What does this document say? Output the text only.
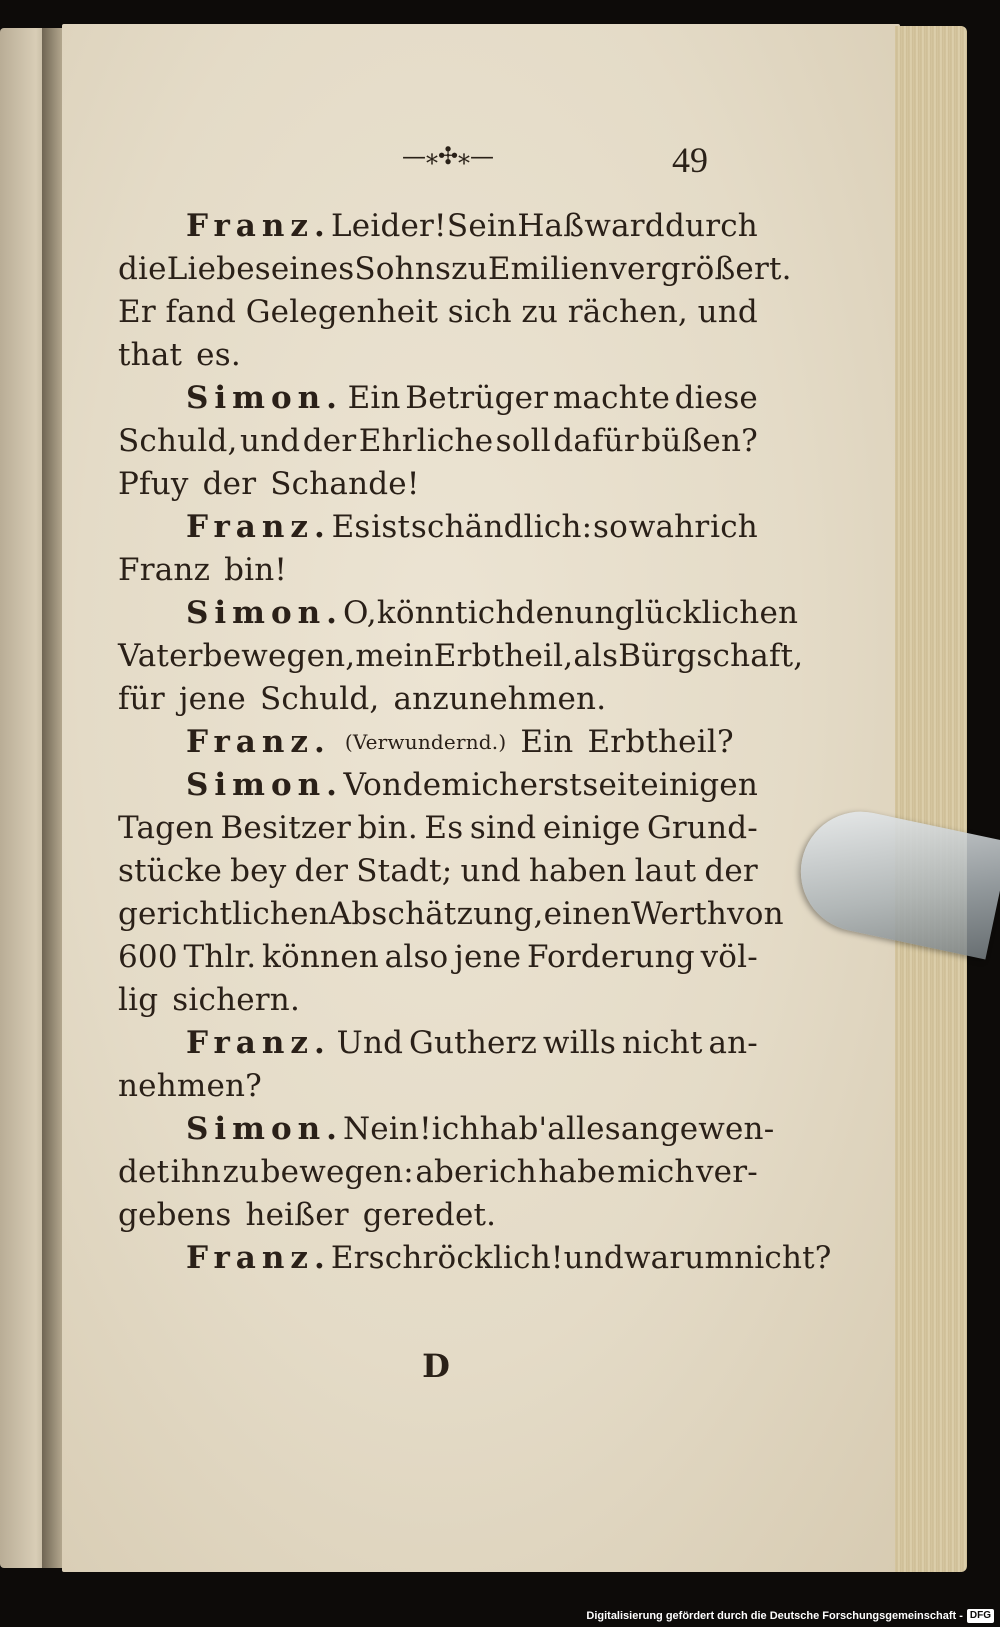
—⁎✣⁎—	49
Franz. Leider! Sein Haß ward durch
die Liebe seines Sohns zu Emilien vergrößert.
Er fand Gelegenheit sich zu rächen, und
that es.
Simon. Ein Betrüger machte diese
Schuld, und der Ehrliche soll dafür büßen?
Pfuy der Schande!
Franz. Es ist schändlich: so wahr ich
Franz bin!
Simon. O, könnt ich den unglücklichen
Vater bewegen, mein Erbtheil, als Bürgschaft,
für jene Schuld, anzunehmen.
Franz. (Verwundernd.) Ein Erbtheil?
Simon. Von dem ich erst seit einigen
Tagen Besitzer bin. Es sind einige Grund-
stücke bey der Stadt; und haben laut der
gerichtlichen Abschätzung, einen Werth von
600 Thlr. können also jene Forderung völ-
lig sichern.
Franz. Und Gutherz wills nicht an-
nehmen?
Simon. Nein! ich hab' alles angewen-
det ihn zu bewegen: aber ich habe mich ver-
gebens heißer geredet.
Franz. Erschröcklich! und warum nicht?
D
Digitalisierung gefördert durch die Deutsche Forschungsgemeinschaft - DFG
